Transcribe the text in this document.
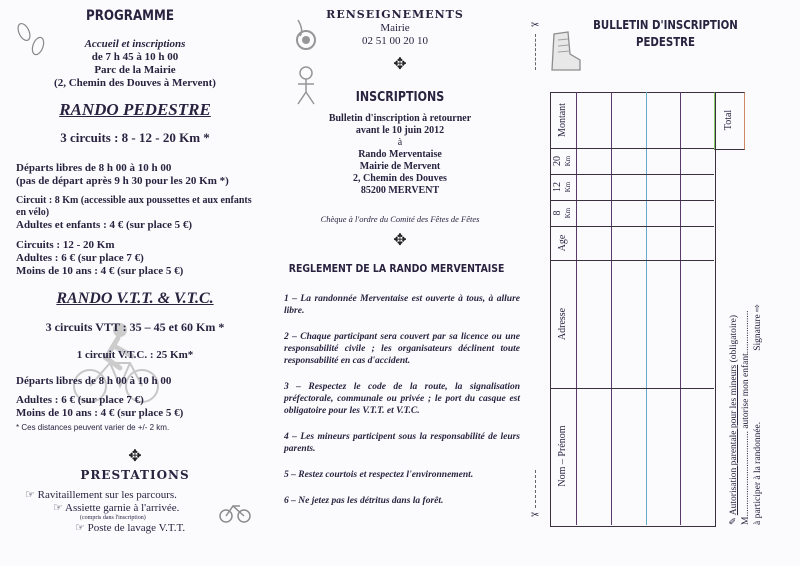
PROGRAMME
Accueil et inscriptions
de 7 h 45 à 10 h 00
Parc de la Mairie
(2, Chemin des Douves à Mervent)
RANDO PEDESTRE
3 circuits : 8 - 12 - 20 Km *
Départs libres de 8 h 00 à 10 h 00
(pas de départ après 9 h 30 pour les 20 Km *)
Circuit : 8 Km (accessible aux poussettes et aux enfants en vélo)
Adultes et enfants : 4 € (sur place 5 €)
Circuits : 12 - 20 Km
Adultes : 6 € (sur place 7 €)
Moins de 10 ans : 4 € (sur place 5 €)
RANDO V.T.T. & V.T.C.
3 circuits VTT : 35 – 45 et 60 Km *
1 circuit V.T.C. : 25 Km*
Départs libres de 8 h 00 à 10 h 00
Adultes : 6 € (sur place 7 €)
Moins de 10 ans : 4 € (sur place 5 €)
* Ces distances peuvent varier de +/- 2 km.
✥
PRESTATIONS
☞ Ravitaillement sur les parcours.
☞ Assiette garnie à l'arrivée.
(compris dans l'inscription)
☞ Poste de lavage V.T.T.
RENSEIGNEMENTS
Mairie
02 51 00 20 10
✥
INSCRIPTIONS
Bulletin d'inscription à retourner
avant le 10 juin 2012
à
Rando Merventaise
Mairie de Mervent
2, Chemin des Douves
85200 MERVENT
Chèque à l'ordre du Comité des Fêtes de Fêtes
✥
REGLEMENT DE LA RANDO MERVENTAISE
1 – La randonnée Merventaise est ouverte à tous, à allure libre.
2 – Chaque participant sera couvert par sa licence ou une responsabilité civile ; les organisateurs déclinent toute responsabilité en cas d'accident.
3 – Respectez le code de la route, la signalisation préfectorale, communale ou privée ; le port du casque est obligatoire pour les V.T.T. et V.T.C.
4 – Les mineurs participent sous la responsabilité de leurs parents.
5 – Restez courtois et respectez l'environnement.
6 – Ne jetez pas les détritus dans la forêt.
✂
✂
BULLETIN D'INSCRIPTION
PEDESTRE
Montant
20
Km
12
Km
8
Km
Age
Adresse
Nom – Prénom
Total
✎ Autorisation parentale pour les mineurs (obligatoire) M.................................... autorise mon enfant.................. à participer à la randonnée.
Signature ⇨
